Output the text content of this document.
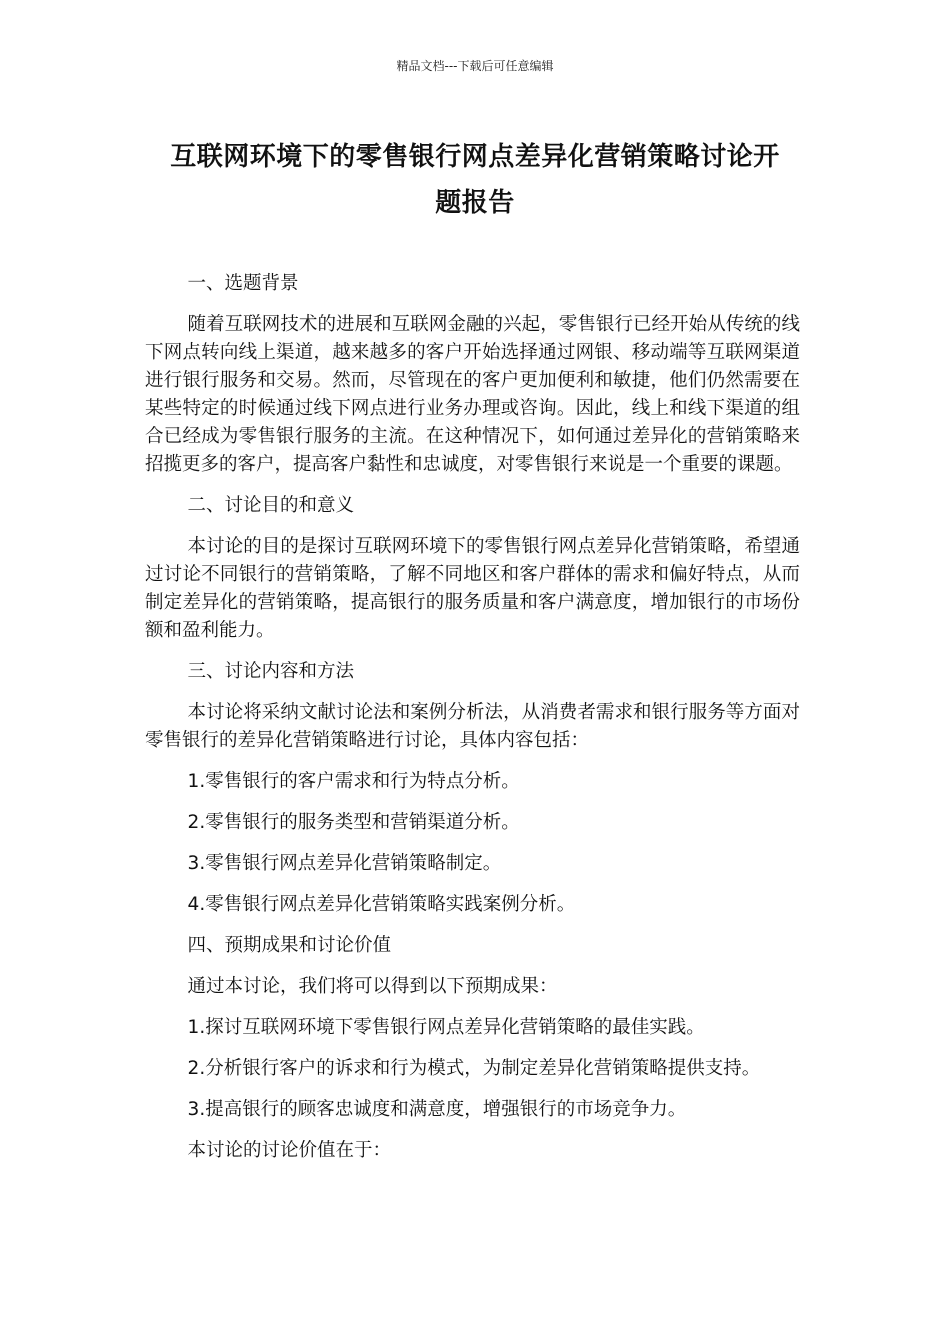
精品文档---下载后可任意编辑
互联网环境下的零售银行网点差异化营销策略讨论开
题报告

一、选题背景

随着互联网技术的进展和互联网金融的兴起，零售银行已经开始从传统的线下网点转向线上渠道，越来越多的客户开始选择通过网银、移动端等互联网渠道进行银行服务和交易。然而，尽管现在的客户更加便利和敏捷，他们仍然需要在某些特定的时候通过线下网点进行业务办理或咨询。因此，线上和线下渠道的组合已经成为零售银行服务的主流。在这种情况下，如何通过差异化的营销策略来招揽更多的客户，提高客户黏性和忠诚度，对零售银行来说是一个重要的课题。

二、讨论目的和意义

本讨论的目的是探讨互联网环境下的零售银行网点差异化营销策略，希望通过讨论不同银行的营销策略，了解不同地区和客户群体的需求和偏好特点，从而制定差异化的营销策略，提高银行的服务质量和客户满意度，增加银行的市场份额和盈利能力。

三、讨论内容和方法

本讨论将采纳文献讨论法和案例分析法，从消费者需求和银行服务等方面对零售银行的差异化营销策略进行讨论，具体内容包括：

1.零售银行的客户需求和行为特点分析。

2.零售银行的服务类型和营销渠道分析。

3.零售银行网点差异化营销策略制定。

4.零售银行网点差异化营销策略实践案例分析。

四、预期成果和讨论价值

通过本讨论，我们将可以得到以下预期成果：

1.探讨互联网环境下零售银行网点差异化营销策略的最佳实践。

2.分析银行客户的诉求和行为模式，为制定差异化营销策略提供支持。

3.提高银行的顾客忠诚度和满意度，增强银行的市场竞争力。

本讨论的讨论价值在于：
